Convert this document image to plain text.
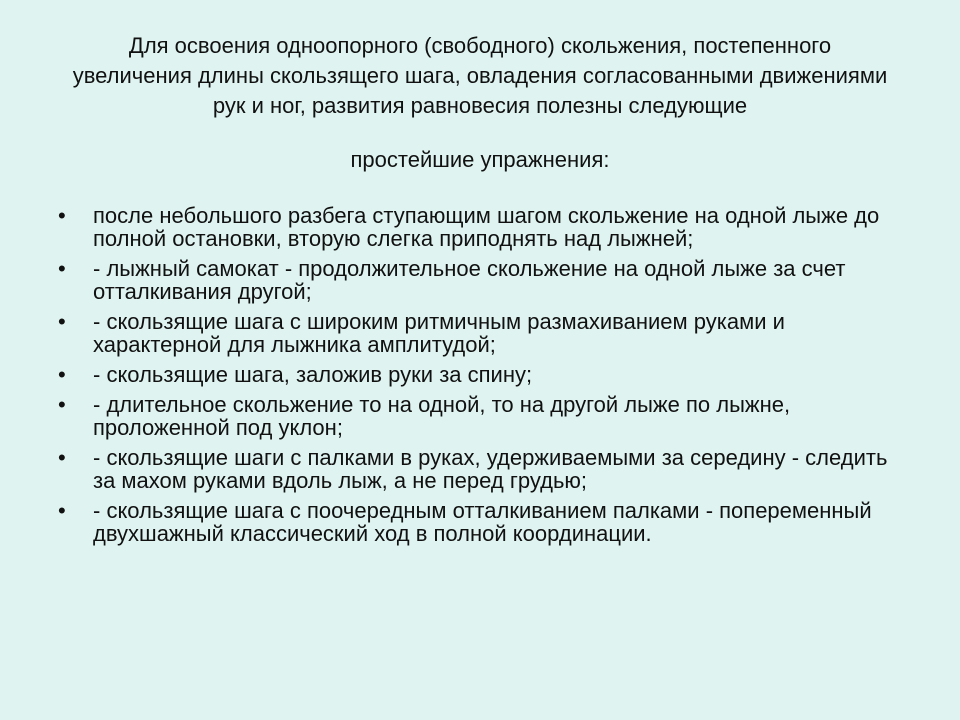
Для освоения одноопорного (свободного) скольжения, постепенного увеличения длины скользящего шага, овладения согласованными движениями рук и ног, развития равновесия полезны следующие

простейшие упражнения:

• после небольшого разбега ступающим шагом скольжение на одной лыже до полной остановки, вторую слегка приподнять над лыжней;
• - лыжный самокат - продолжительное скольжение на одной лыже за счет отталкивания другой;
• - скользящие шага с широким ритмичным размахиванием руками и характерной для лыжника амплитудой;
• - скользящие шага, заложив руки за спину;
• - длительное скольжение то на одной, то на другой лыже по лыжне, проложенной под уклон;
• - скользящие шаги с палками в руках, удерживаемыми за середину - следить за махом руками вдоль лыж, а не перед грудью;
• - скользящие шага с поочередным отталкиванием палками - попеременный двухшажный классический ход в полной координации.
